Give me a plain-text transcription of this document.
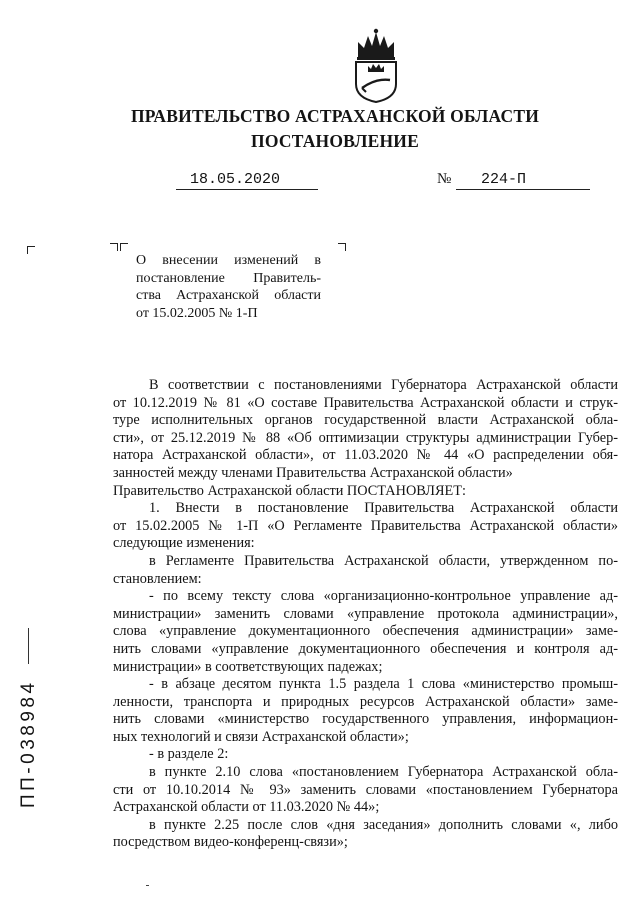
ПРАВИТЕЛЬСТВО АСТРАХАНСКОЙ ОБЛАСТИ
ПОСТАНОВЛЕНИЕ
18.05.2020	№ 224-П
О внесении изменений в
постановление Правитель-
ства Астраханской области
от 15.02.2005 № 1-П
В соответствии с постановлениями Губернатора Астраханской области
от 10.12.2019 № 81 «О составе Правительства Астраханской области и струк-
туре исполнительных органов государственной власти Астраханской обла-
сти», от 25.12.2019 № 88 «Об оптимизации структуры администрации Губер-
натора Астраханской области», от 11.03.2020 № 44 «О распределении обя-
занностей между членами Правительства Астраханской области»
Правительство Астраханской области ПОСТАНОВЛЯЕТ:
1. Внести в постановление Правительства Астраханской области
от 15.02.2005 № 1-П «О Регламенте Правительства Астраханской области»
следующие изменения:
в Регламенте Правительства Астраханской области, утвержденном по-
становлением:
- по всему тексту слова «организационно-контрольное управление ад-
министрации» заменить словами «управление протокола администрации»,
слова «управление документационного обеспечения администрации» заме-
нить словами «управление документационного обеспечения и контроля ад-
министрации» в соответствующих падежах;
- в абзаце десятом пункта 1.5 раздела 1 слова «министерство промыш-
ленности, транспорта и природных ресурсов Астраханской области» заме-
нить словами «министерство государственного управления, информацион-
ных технологий и связи Астраханской области»;
- в разделе 2:
в пункте 2.10 слова «постановлением Губернатора Астраханской обла-
сти от 10.10.2014 № 93» заменить словами «постановлением Губернатора
Астраханской области от 11.03.2020 № 44»;
в пункте 2.25 после слов «дня заседания» дополнить словами «, либо
посредством видео-конференц-связи»;
ПП-038984
